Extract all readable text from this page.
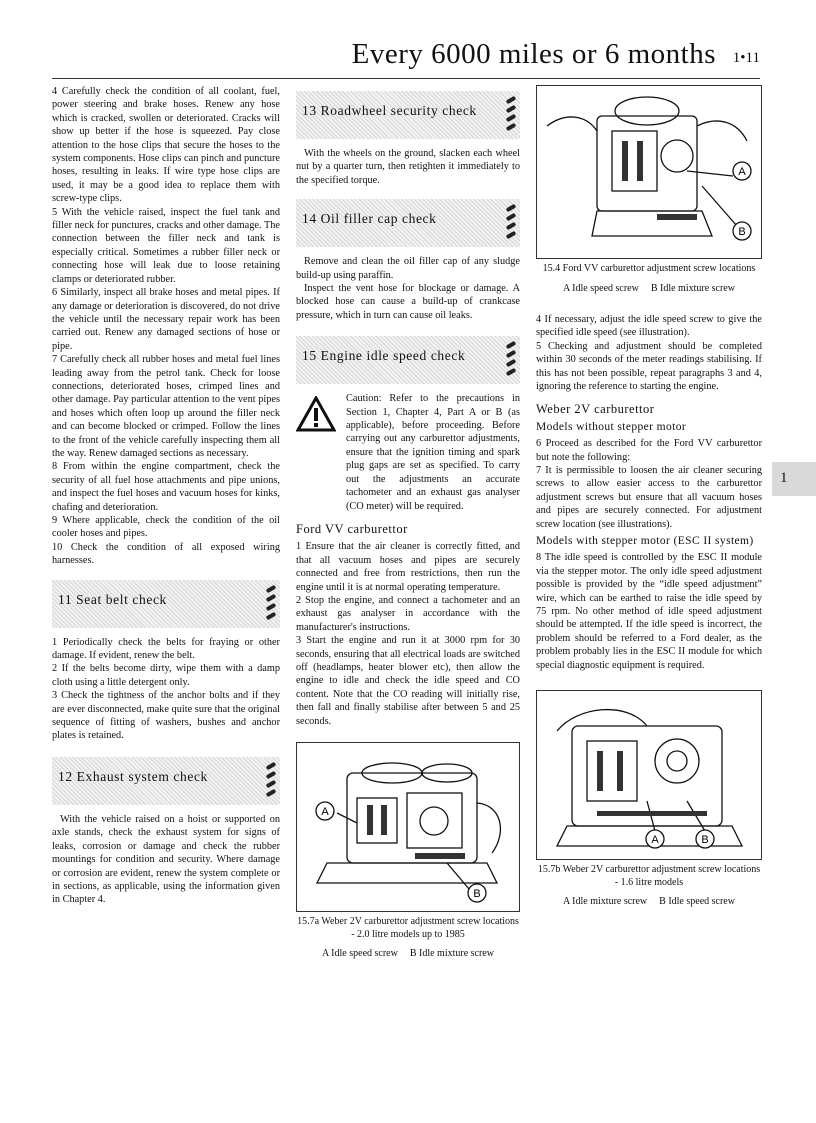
Every 6000 miles or 6 months 1•11
1

4 Carefully check the condition of all coolant, fuel, power steering and brake hoses. Renew any hose which is cracked, swollen or deteriorated. Cracks will show up better if the hose is squeezed. Pay close attention to the hose clips that secure the hoses to the system components. Hose clips can pinch and puncture hoses, resulting in leaks. If wire type hose clips are used, it may be a good idea to replace them with screw-type clips.

5 With the vehicle raised, inspect the fuel tank and filler neck for punctures, cracks and other damage. The connection between the filler neck and tank is especially critical. Sometimes a rubber filler neck or connecting hose will leak due to loose retaining clamps or deteriorated rubber.

6 Similarly, inspect all brake hoses and metal pipes. If any damage or deterioration is discovered, do not drive the vehicle until the necessary repair work has been carried out. Renew any damaged sections of hose or pipe.

7 Carefully check all rubber hoses and metal fuel lines leading away from the petrol tank. Check for loose connections, deteriorated hoses, crimped lines and other damage. Pay particular attention to the vent pipes and hoses which often loop up around the filler neck and can become blocked or crimped. Follow the lines to the front of the vehicle carefully inspecting them all the way. Renew damaged sections as necessary.

8 From within the engine compartment, check the security of all fuel hose attachments and pipe unions, and inspect the fuel hoses and vacuum hoses for kinks, chafing and deterioration.

9 Where applicable, check the condition of the oil cooler hoses and pipes.

10 Check the condition of all exposed wiring harnesses.

11 Seat belt check

1 Periodically check the belts for fraying or other damage. If evident, renew the belt.

2 If the belts become dirty, wipe them with a damp cloth using a little detergent only.

3 Check the tightness of the anchor bolts and if they are ever disconnected, make quite sure that the original sequence of fitting of washers, bushes and anchor plates is retained.

12 Exhaust system check

With the vehicle raised on a hoist or supported on axle stands, check the exhaust system for signs of leaks, corrosion or damage and check the rubber mountings for condition and security. Where damage or corrosion are evident, renew the system complete or in sections, as applicable, using the information given in Chapter 4.

13 Roadwheel security check

With the wheels on the ground, slacken each wheel nut by a quarter turn, then retighten it immediately to the specified torque.

14 Oil filler cap check

Remove and clean the oil filler cap of any sludge build-up using paraffin.

Inspect the vent hose for blockage or damage. A blocked hose can cause a build-up of crankcase pressure, which in turn can cause oil leaks.

15 Engine idle speed check

Caution: Refer to the precautions in Section 1, Chapter 4, Part A or B (as applicable), before proceeding. Before carrying out any carburettor adjustments, ensure that the ignition timing and spark plug gaps are set as specified. To carry out the adjustments an accurate tachometer and an exhaust gas analyser (CO meter) will be required.

Ford VV carburettor

1 Ensure that the air cleaner is correctly fitted, and that all vacuum hoses and pipes are securely connected and free from restrictions, then run the engine until it is at normal operating temperature.

2 Stop the engine, and connect a tachometer and an exhaust gas analyser in accordance with the manufacturer's instructions.

3 Start the engine and run it at 3000 rpm for 30 seconds, ensuring that all electrical loads are switched off (headlamps, heater blower etc), then allow the engine to idle and check the idle speed and CO content. Note that the CO reading will initially rise, then fall and finally stabilise after between 5 and 25 seconds.

A
B
15.7a Weber 2V carburettor adjustment screw locations - 2.0 litre models up to 1985
A Idle speed screw B Idle mixture screw
A
B
15.4 Ford VV carburettor adjustment screw locations
A Idle speed screw B Idle mixture screw

4 If necessary, adjust the idle speed screw to give the specified idle speed (see illustration).

5 Checking and adjustment should be completed within 30 seconds of the meter readings stabilising. If this has not been possible, repeat paragraphs 3 and 4, ignoring the reference to starting the engine.

Weber 2V carburettor
Models without stepper motor

6 Proceed as described for the Ford VV carburettor but note the following:

7 It is permissible to loosen the air cleaner securing screws to allow easier access to the carburettor adjustment screws but ensure that all vacuum hoses and pipes are securely connected. For adjustment screw location (see illustrations).

Models with stepper motor (ESC II system)

8 The idle speed is controlled by the ESC II module via the stepper motor. The only idle speed adjustment possible is provided by the “idle speed adjustment” wire, which can be earthed to raise the idle speed by 75 rpm. No other method of idle speed adjustment should be attempted. If the idle speed is incorrect, the problem should be referred to a Ford dealer, as the problem probably lies in the ESC II module for which special diagnostic equipment is required.

A	B
15.7b Weber 2V carburettor adjustment screw locations - 1.6 litre models
A Idle mixture screw B Idle speed screw
